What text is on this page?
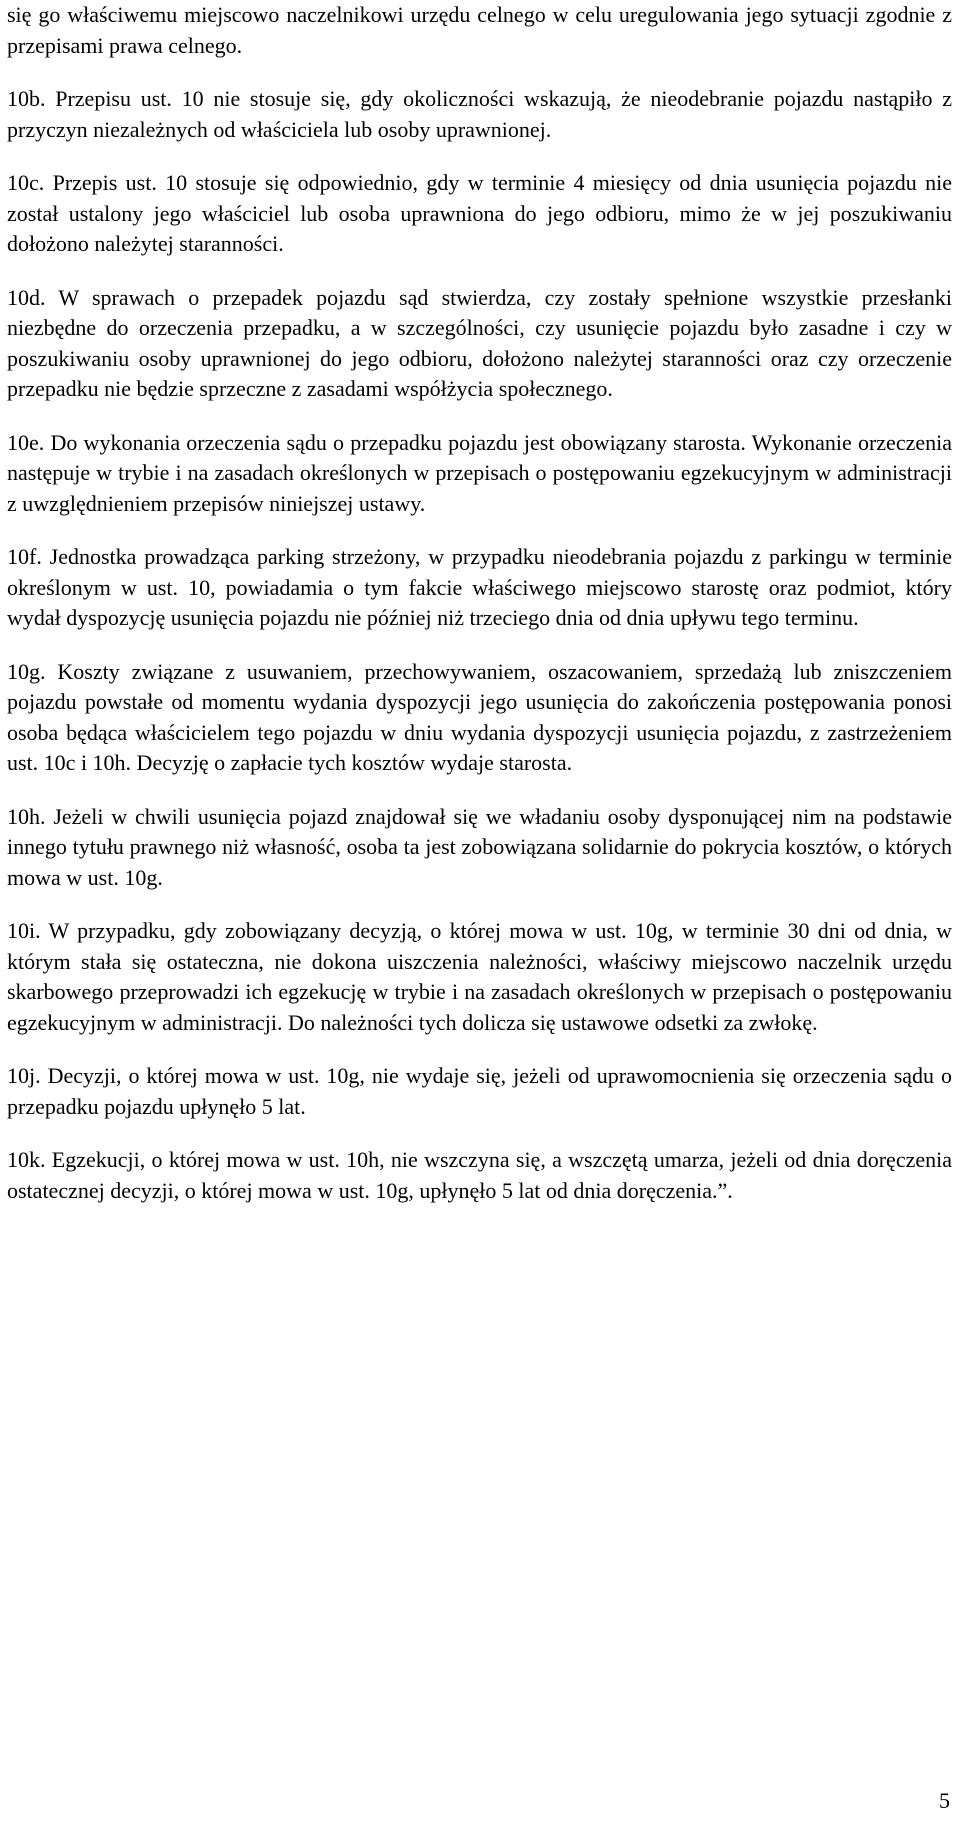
się go właściwemu miejscowo naczelnikowi urzędu celnego w celu uregulowania jego sytuacji zgodnie z przepisami prawa celnego.

10b. Przepisu ust. 10 nie stosuje się, gdy okoliczności wskazują, że nieodebranie pojazdu nastąpiło z przyczyn niezależnych od właściciela lub osoby uprawnionej.

10c. Przepis ust. 10 stosuje się odpowiednio, gdy w terminie 4 miesięcy od dnia usunięcia pojazdu nie został ustalony jego właściciel lub osoba uprawniona do jego odbioru, mimo że w jej poszukiwaniu dołożono należytej staranności.

10d. W sprawach o przepadek pojazdu sąd stwierdza, czy zostały spełnione wszystkie przesłanki niezbędne do orzeczenia przepadku, a w szczególności, czy usunięcie pojazdu było zasadne i czy w poszukiwaniu osoby uprawnionej do jego odbioru, dołożono należytej staranności oraz czy orzeczenie przepadku nie będzie sprzeczne z zasadami współżycia społecznego.

10e. Do wykonania orzeczenia sądu o przepadku pojazdu jest obowiązany starosta. Wykonanie orzeczenia następuje w trybie i na zasadach określonych w przepisach o postępowaniu egzekucyjnym w administracji z uwzględnieniem przepisów niniejszej ustawy.

10f. Jednostka prowadząca parking strzeżony, w przypadku nieodebrania pojazdu z parkingu w terminie określonym w ust. 10, powiadamia o tym fakcie właściwego miejscowo starostę oraz podmiot, który wydał dyspozycję usunięcia pojazdu nie później niż trzeciego dnia od dnia upływu tego terminu.

10g. Koszty związane z usuwaniem, przechowywaniem, oszacowaniem, sprzedażą lub zniszczeniem pojazdu powstałe od momentu wydania dyspozycji jego usunięcia do zakończenia postępowania ponosi osoba będąca właścicielem tego pojazdu w dniu wydania dyspozycji usunięcia pojazdu, z zastrzeżeniem ust. 10c i 10h. Decyzję o zapłacie tych kosztów wydaje starosta.

10h. Jeżeli w chwili usunięcia pojazd znajdował się we władaniu osoby dysponującej nim na podstawie innego tytułu prawnego niż własność, osoba ta jest zobowiązana solidarnie do pokrycia kosztów, o których mowa w ust. 10g.

10i. W przypadku, gdy zobowiązany decyzją, o której mowa w ust. 10g, w terminie 30 dni od dnia, w którym stała się ostateczna, nie dokona uiszczenia należności, właściwy miejscowo naczelnik urzędu skarbowego przeprowadzi ich egzekucję w trybie i na zasadach określonych w przepisach o postępowaniu egzekucyjnym w administracji. Do należności tych dolicza się ustawowe odsetki za zwłokę.

10j. Decyzji, o której mowa w ust. 10g, nie wydaje się, jeżeli od uprawomocnienia się orzeczenia sądu o przepadku pojazdu upłynęło 5 lat.

10k. Egzekucji, o której mowa w ust. 10h, nie wszczyna się, a wszczętą umarza, jeżeli od dnia doręczenia ostatecznej decyzji, o której mowa w ust. 10g, upłynęło 5 lat od dnia doręczenia.”.

5
